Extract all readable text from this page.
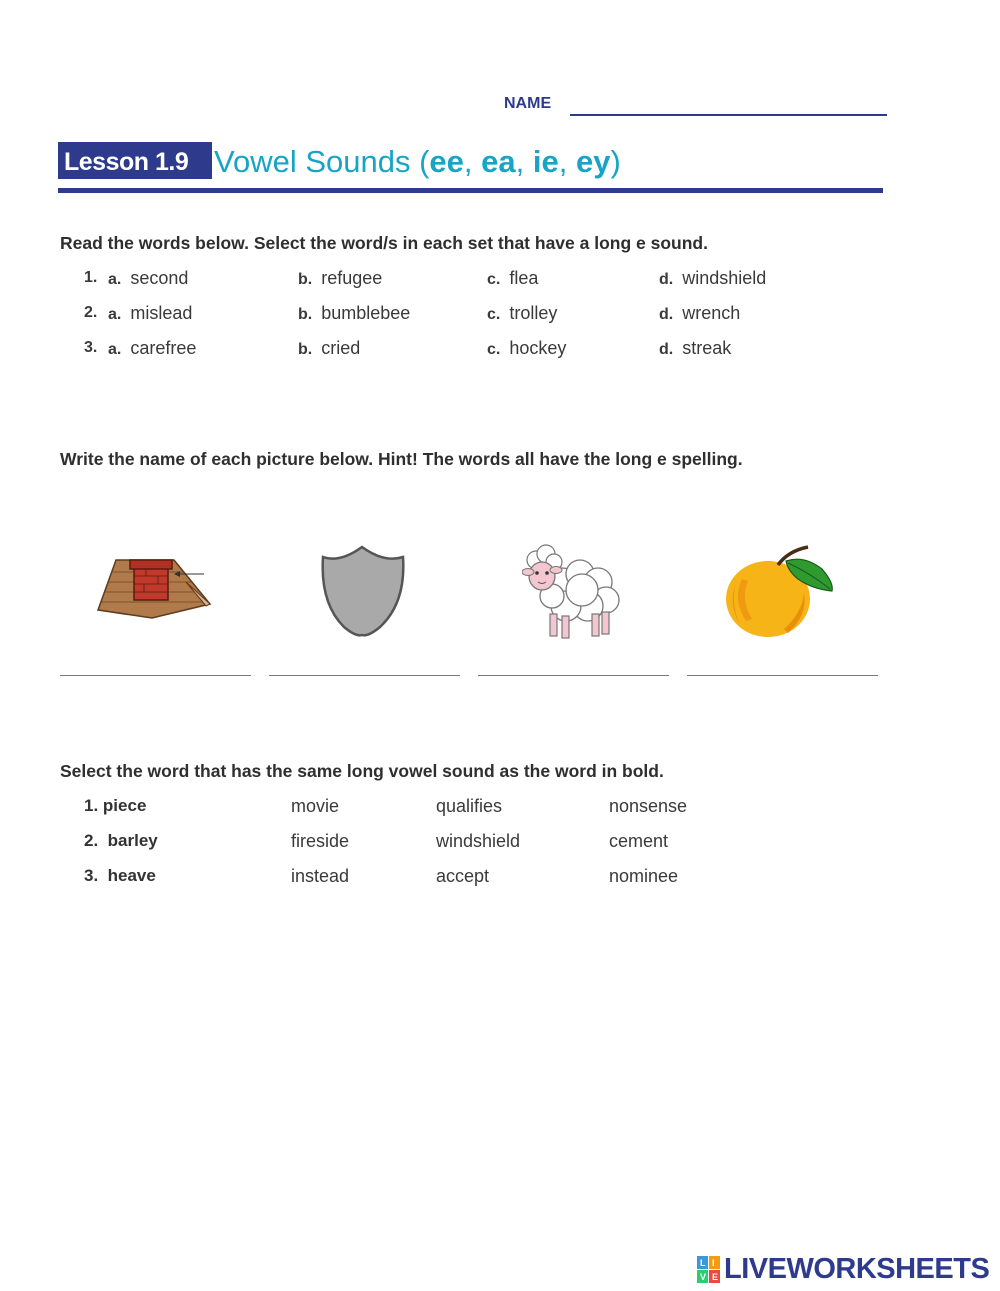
NAME
Lesson 1.9 Vowel Sounds (ee, ea, ie, ey)
Read the words below. Select the word/s in each set that have a long e sound.
1. a. second	b. refugee	c. flea	d. windshield
2. a. mislead	b. bumblebee	c. trolley	d. wrench
3. a. carefree	b. cried	c. hockey	d. streak
Write the name of each picture below. Hint! The words all have the long e spelling.
Select the word that has the same long vowel sound as the word in bold.
1. piece	movie	qualifies	nonsense
2. barley	fireside	windshield	cement
3. heave	instead	accept	nominee
L I
V E LIVEWORKSHEETS
